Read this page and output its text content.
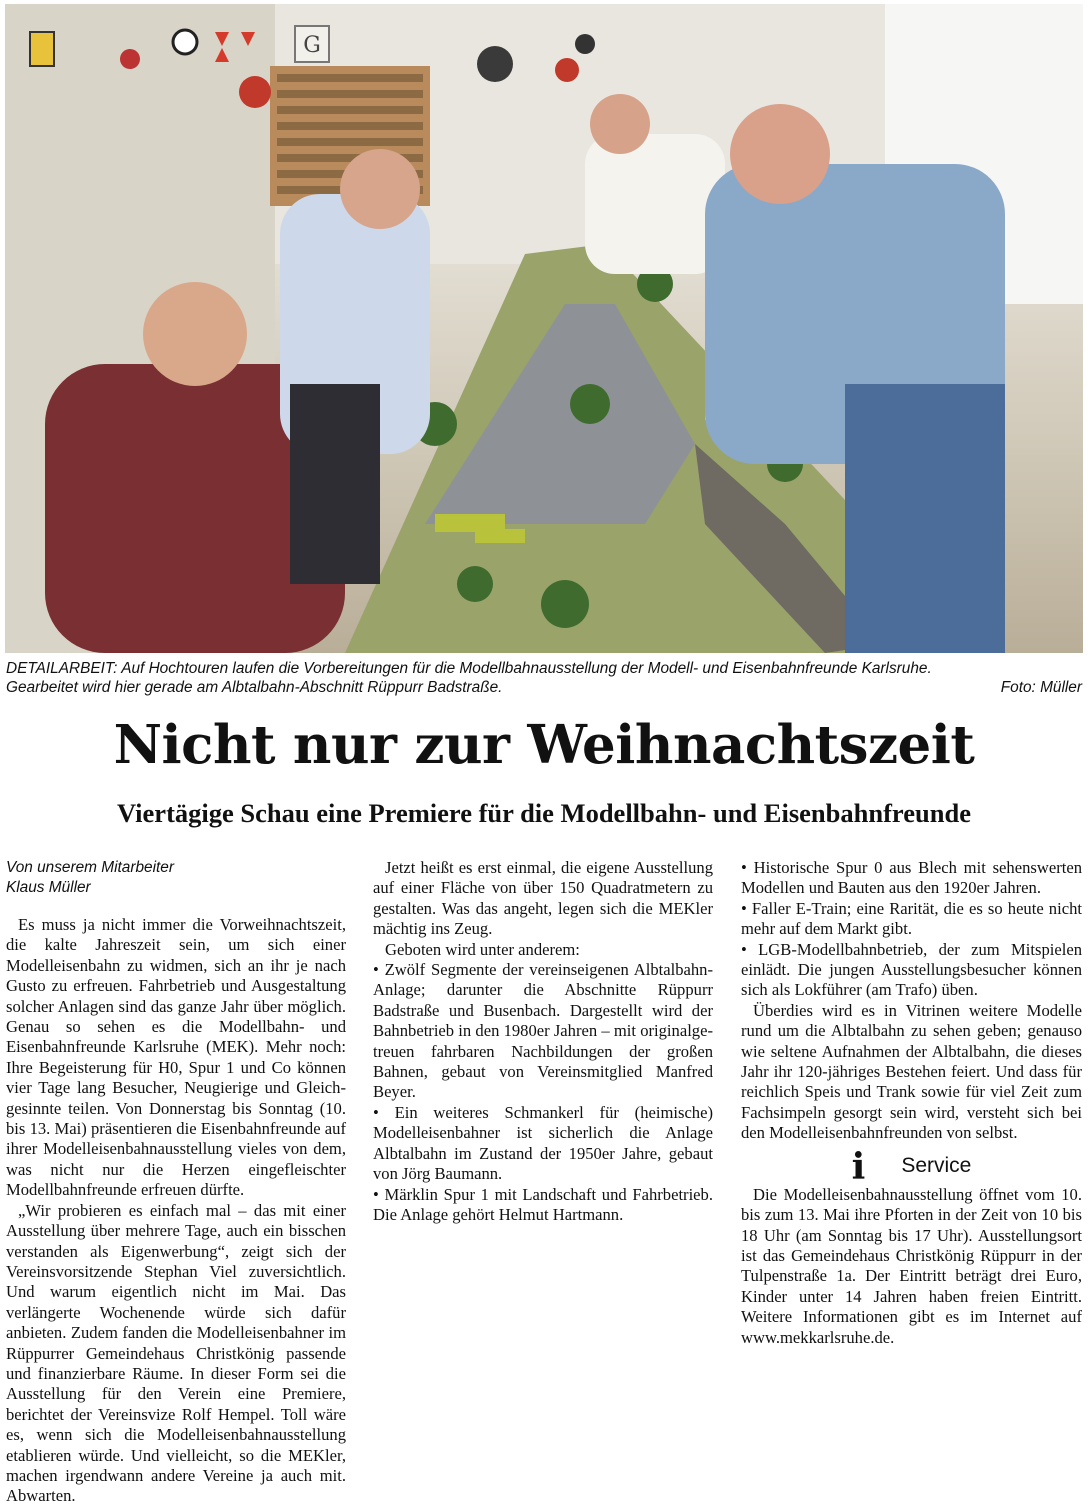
G
DETAILARBEIT: Auf Hochtouren laufen die Vorbereitungen für die Modellbahnausstellung der Modell- und Eisenbahnfreunde Karlsruhe.
Gearbeitet wird hier gerade am Albtalbahn-Abschnitt Rüppurr Badstraße.	Foto: Müller
Nicht nur zur Weihnachtszeit
Viertägige Schau eine Premiere für die Modellbahn- und Eisenbahnfreunde

Von unserem Mitarbeiter
Klaus Müller

Es muss ja nicht immer die Vorweihnachtszeit, die kalte Jahreszeit sein, um sich einer Modelleisenbahn zu widmen, sich an ihr je nach Gusto zu erfreuen. Fahrbetrieb und Ausgestaltung solcher Anlagen sind das ganze Jahr über möglich. Genau so sehen es die Modellbahn- und Eisenbahnfreunde Karlsruhe (MEK). Mehr noch: Ihre Begeisterung für H0, Spur 1 und Co können vier Tage lang Besucher, Neugierige und Gleichgesinnte teilen. Von Donnerstag bis Sonntag (10. bis 13. Mai) präsentieren die Eisenbahnfreunde auf ihrer Modelleisenbahnausstellung vieles von dem, was nicht nur die Herzen eingefleischter Modellbahnfreunde erfreuen dürfte.

„Wir probieren es einfach mal – das mit einer Ausstellung über mehrere Tage, auch ein bisschen verstanden als Eigenwerbung“, zeigt sich der Vereinsvorsitzende Stephan Viel zuversichtlich. Und warum eigentlich nicht im Mai. Das verlängerte Wochenende würde sich dafür anbieten. Zudem fanden die Modelleisenbahner im Rüppurrer Gemeindehaus Christkönig passende und finanzierbare Räume. In dieser Form sei die Ausstellung für den Verein eine Premiere, berichtet der Vereinsvize Rolf Hempel. Toll wäre es, wenn sich die Modelleisenbahnausstellung etablieren würde. Und vielleicht, so die MEKler, machen irgendwann andere Vereine ja auch mit. Abwarten.

Jetzt heißt es erst einmal, die eigene Ausstellung auf einer Fläche von über 150 Quadratmetern zu gestalten. Was das angeht, legen sich die MEKler mächtig ins Zeug.

Geboten wird unter anderem:

• Zwölf Segmente der vereinseigenen Albtalbahn-Anlage; darunter die Abschnitte Rüppurr Badstraße und Busenbach. Dargestellt wird der Bahnbetrieb in den 1980er Jahren – mit originalgetreuen fahrbaren Nachbildungen der großen Bahnen, gebaut von Vereinsmitglied Manfred Beyer.

• Ein weiteres Schmankerl für (heimische) Modelleisenbahner ist sicherlich die Anlage Albtalbahn im Zustand der 1950er Jahre, gebaut von Jörg Baumann.

• Märklin Spur 1 mit Landschaft und Fahrbetrieb. Die Anlage gehört Helmut Hartmann.

• Historische Spur 0 aus Blech mit sehenswerten Modellen und Bauten aus den 1920er Jahren.

• Faller E-Train; eine Rarität, die es so heute nicht mehr auf dem Markt gibt.

• LGB-Modellbahnbetrieb, der zum Mitspielen einlädt. Die jungen Ausstellungsbesucher können sich als Lokführer (am Trafo) üben.

Überdies wird es in Vitrinen weitere Modelle rund um die Albtalbahn zu sehen geben; genauso wie seltene Aufnahmen der Albtalbahn, die dieses Jahr ihr 120-jähriges Bestehen feiert. Und dass für reichlich Speis und Trank sowie für viel Zeit zum Fachsimpeln gesorgt sein wird, versteht sich bei den Modelleisenbahnfreunden von selbst.

i Service

Die Modelleisenbahnausstellung öffnet vom 10. bis zum 13. Mai ihre Pforten in der Zeit von 10 bis 18 Uhr (am Sonntag bis 17 Uhr). Ausstellungsort ist das Gemeindehaus Christkönig Rüppurr in der Tulpenstraße 1a. Der Eintritt beträgt drei Euro, Kinder unter 14 Jahren haben freien Eintritt. Weitere Informationen gibt es im Internet auf www.mekkarlsruhe.de.
